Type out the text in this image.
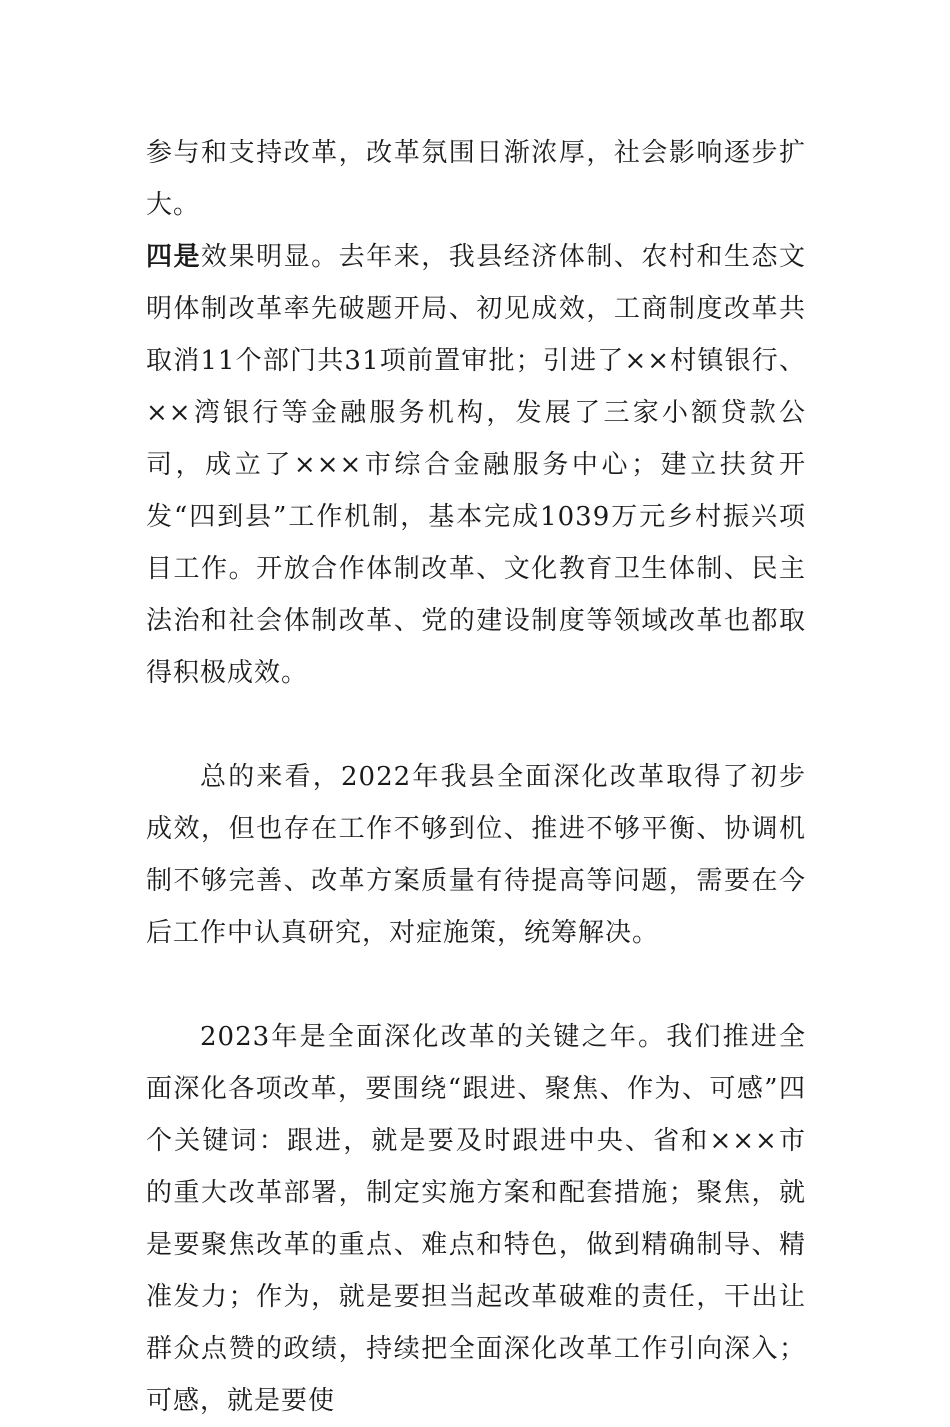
参与和支持改革，改革氛围日渐浓厚，社会影响逐步扩大。
四是效果明显。去年来，我县经济体制、农村和生态文明体制改革率先破题开局、初见成效，工商制度改革共取消11个部门共31项前置审批；引进了××村镇银行、××湾银行等金融服务机构，发展了三家小额贷款公司，成立了×××市综合金融服务中心；建立扶贫开发“四到县”工作机制，基本完成1039万元乡村振兴项目工作。开放合作体制改革、文化教育卫生体制、民主法治和社会体制改革、党的建设制度等领域改革也都取得积极成效。

总的来看，2022年我县全面深化改革取得了初步成效，但也存在工作不够到位、推进不够平衡、协调机制不够完善、改革方案质量有待提高等问题，需要在今后工作中认真研究，对症施策，统筹解决。

2023年是全面深化改革的关键之年。我们推进全面深化各项改革，要围绕“跟进、聚焦、作为、可感”四个关键词：跟进，就是要及时跟进中央、省和×××市的重大改革部署，制定实施方案和配套措施；聚焦，就是要聚焦改革的重点、难点和特色，做到精确制导、精准发力；作为，就是要担当起改革破难的责任，干出让群众点赞的政绩，持续把全面深化改革工作引向深入；可感，就是要使
